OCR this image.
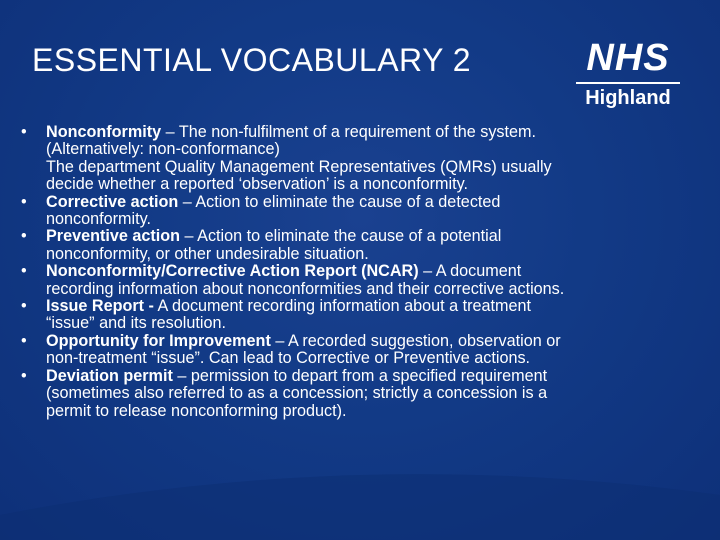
ESSENTIAL VOCABULARY 2	NHS
Highland
• Nonconformity – The non-fulfilment of a requirement of the system.
(Alternatively: non-conformance)
The department Quality Management Representatives (QMRs) usually
decide whether a reported ‘observation’ is a nonconformity.
• Corrective action – Action to eliminate the cause of a detected
nonconformity.
• Preventive action – Action to eliminate the cause of a potential
nonconformity, or other undesirable situation.
• Nonconformity/Corrective Action Report (NCAR) – A document
recording information about nonconformities and their corrective actions.
• Issue Report - A document recording information about a treatment
“issue” and its resolution.
• Opportunity for Improvement – A recorded suggestion, observation or
non-treatment “issue”. Can lead to Corrective or Preventive actions.
• Deviation permit – permission to depart from a specified requirement
(sometimes also referred to as a concession; strictly a concession is a
permit to release nonconforming product).
